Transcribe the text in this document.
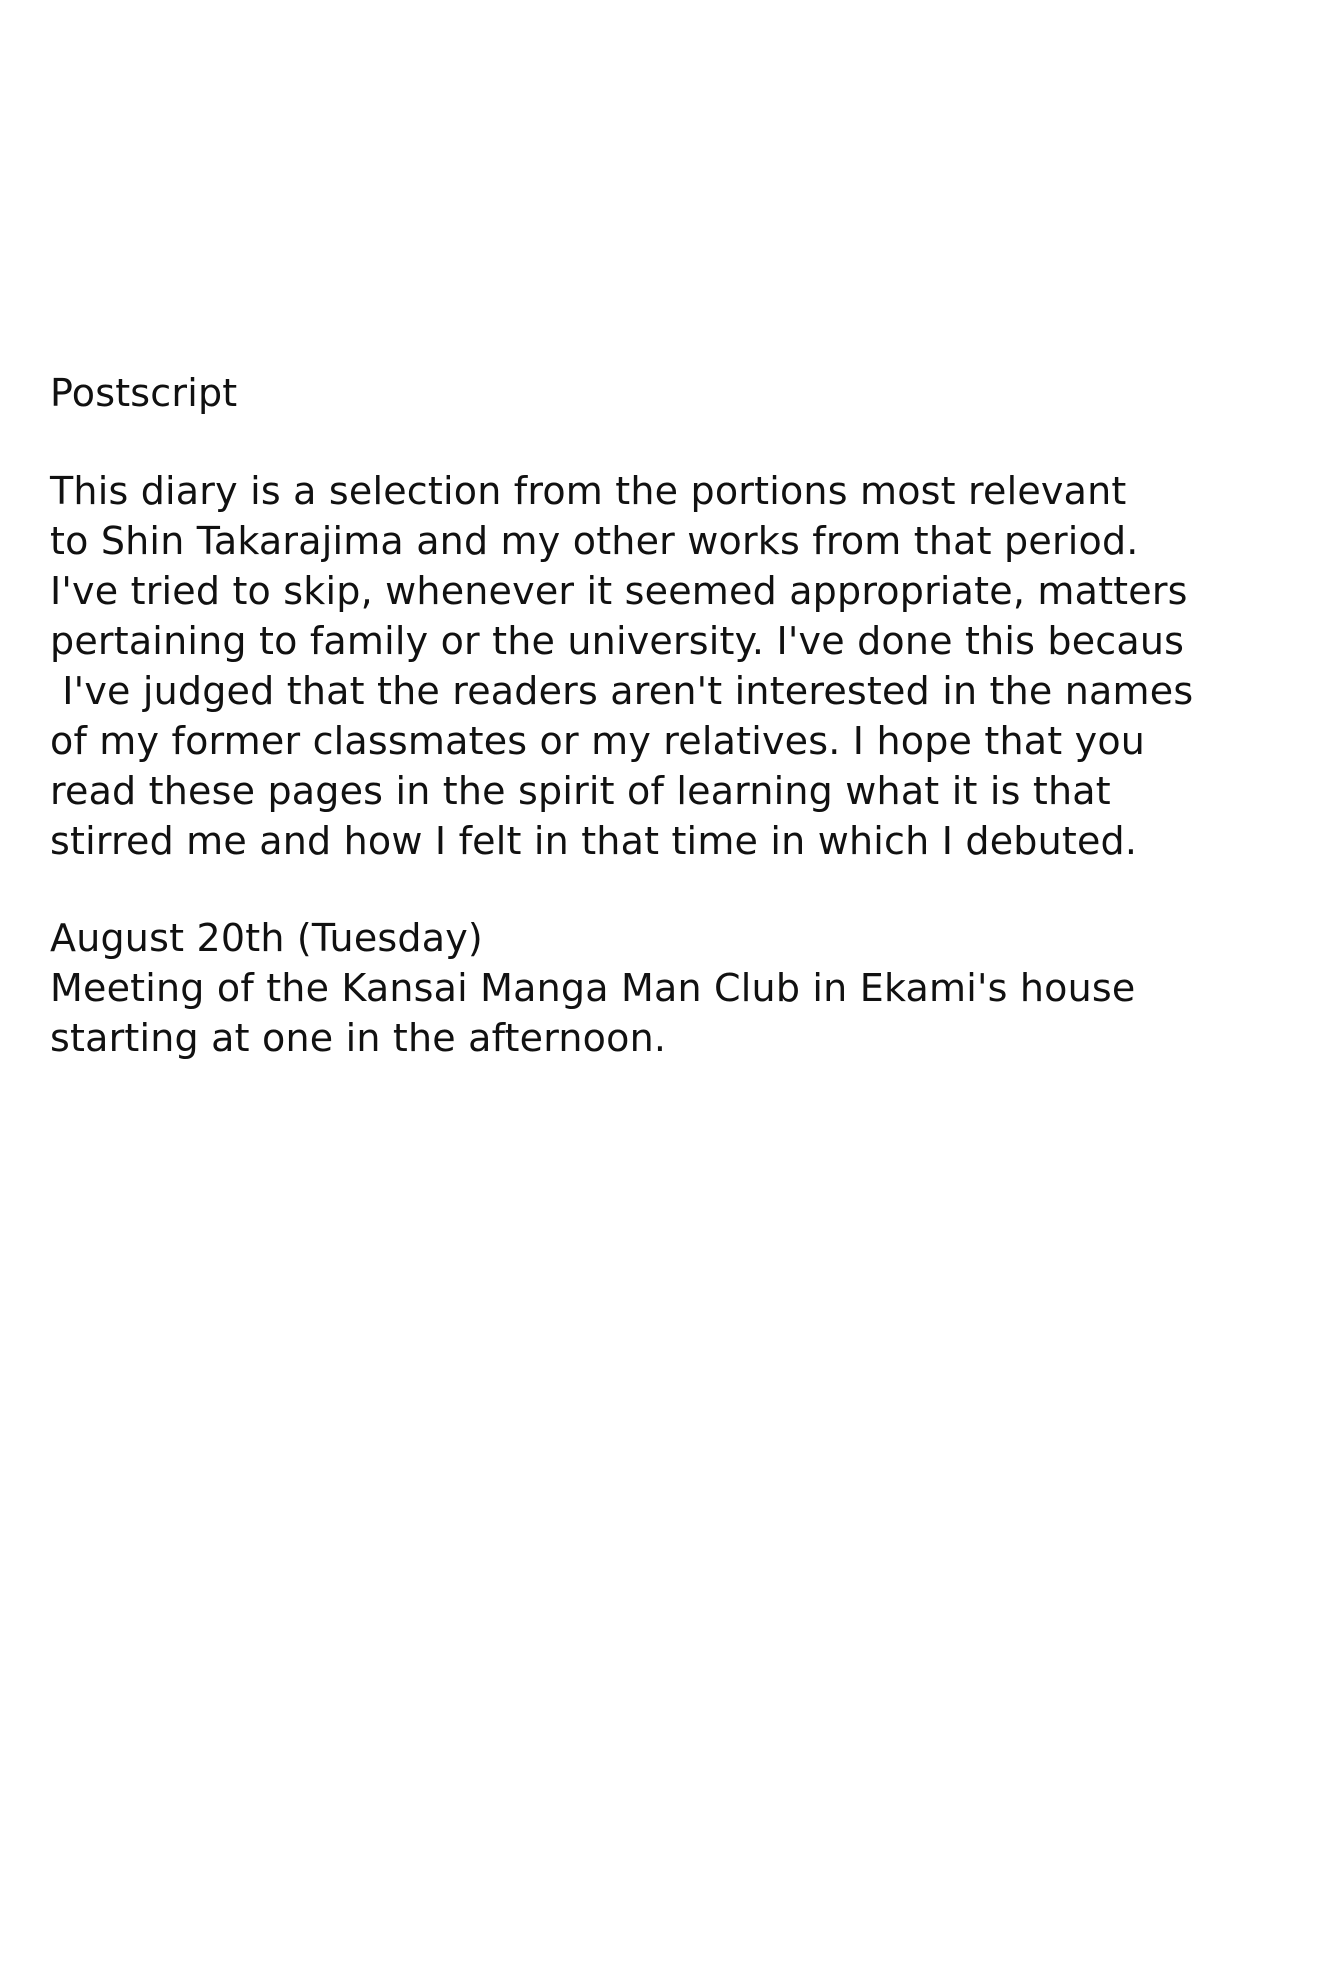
Postscript
This diary is a selection from the portions most relevant
to Shin Takarajima and my other works from that period.
I've tried to skip, whenever it seemed appropriate, matters
pertaining to family or the university. I've done this becaus
I've judged that the readers aren't interested in the names
of my former classmates or my relatives. I hope that you
read these pages in the spirit of learning what it is that
stirred me and how I felt in that time in which I debuted.
August 20th (Tuesday)
Meeting of the Kansai Manga Man Club in Ekami's house
starting at one in the afternoon.
